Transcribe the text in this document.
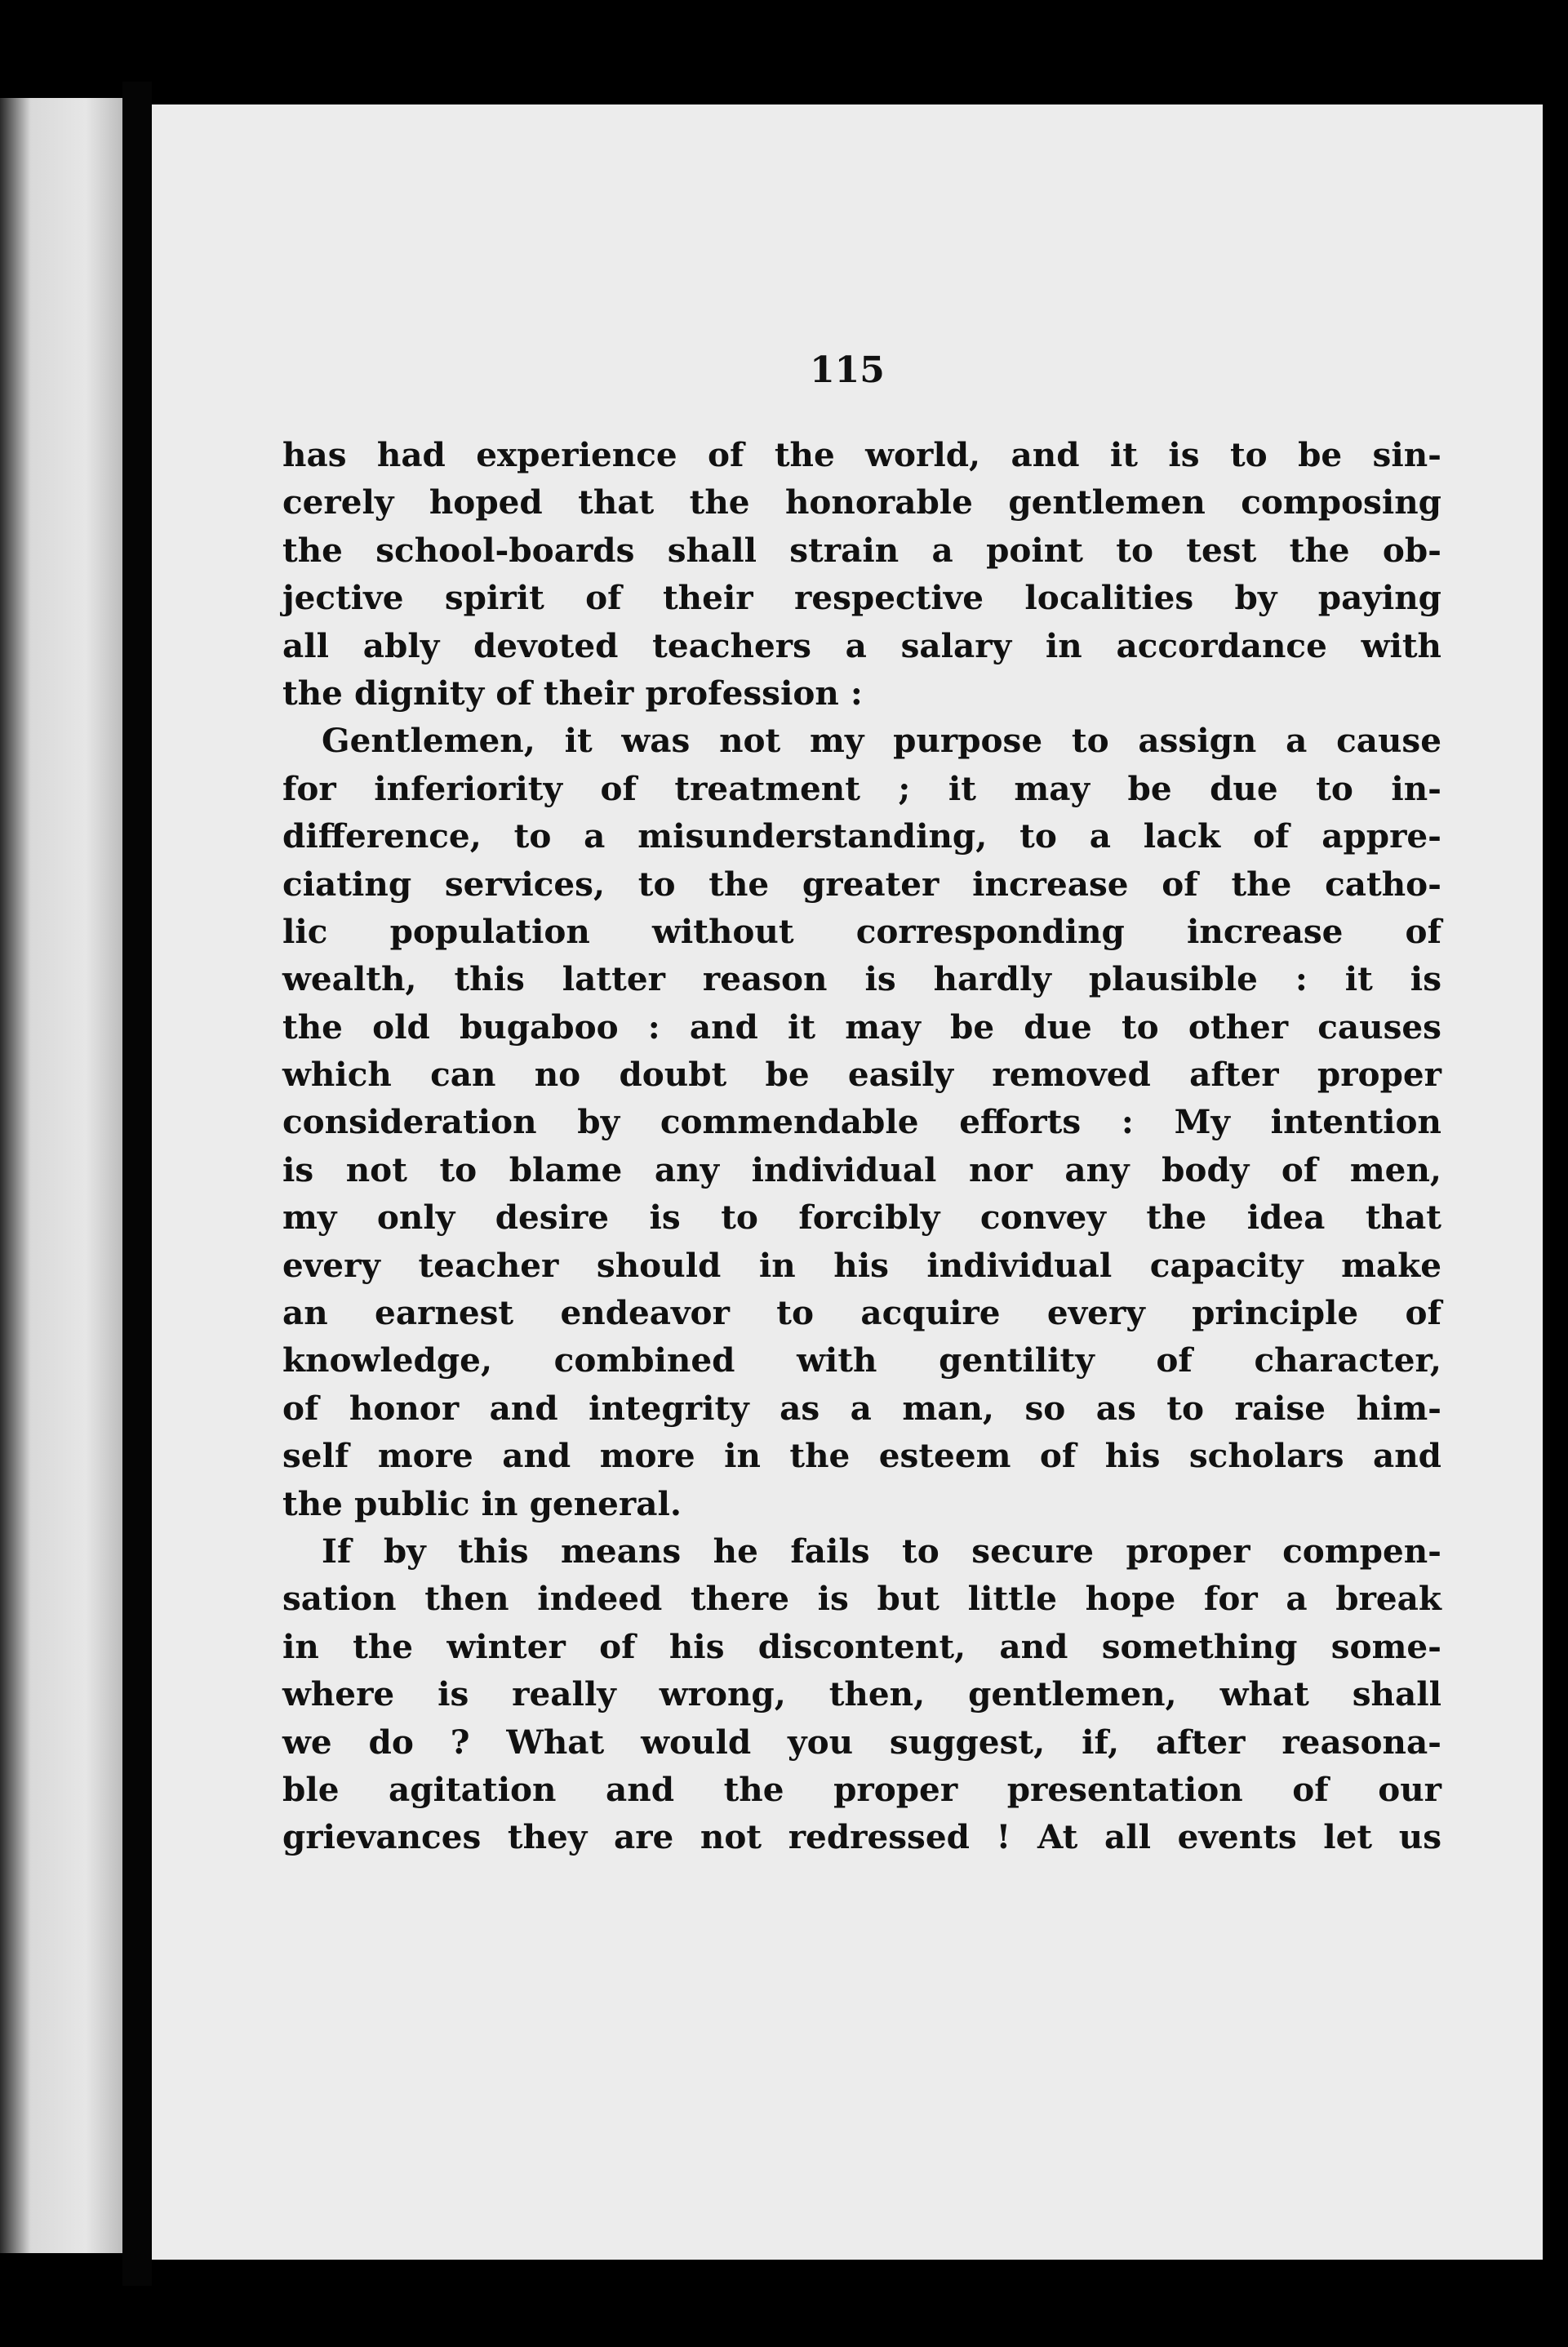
115

has had experience of the world, and it is to be sin-
cerely hoped that the honorable gentlemen composing
the school-boards shall strain a point to test the ob-
jective spirit of their respective localities by paying
all ably devoted teachers a salary in accordance with
the dignity of their profession :
Gentlemen, it was not my purpose to assign a cause
for inferiority of treatment ; it may be due to in-
difference, to a misunderstanding, to a lack of appre-
ciating services, to the greater increase of the catho-
lic population without corresponding increase of
wealth, this latter reason is hardly plausible : it is
the old bugaboo : and it may be due to other causes
which can no doubt be easily removed after proper
consideration by commendable efforts : My intention
is not to blame any individual nor any body of men,
my only desire is to forcibly convey the idea that
every teacher should in his individual capacity make
an earnest endeavor to acquire every principle of
knowledge, combined with gentility of character,
of honor and integrity as a man, so as to raise him-
self more and more in the esteem of his scholars and
the public in general.
If by this means he fails to secure proper compen-
sation then indeed there is but little hope for a break
in the winter of his discontent, and something some-
where is really wrong, then, gentlemen, what shall
we do ? What would you suggest, if, after reasona-
ble agitation and the proper presentation of our
grievances they are not redressed ! At all events let us
